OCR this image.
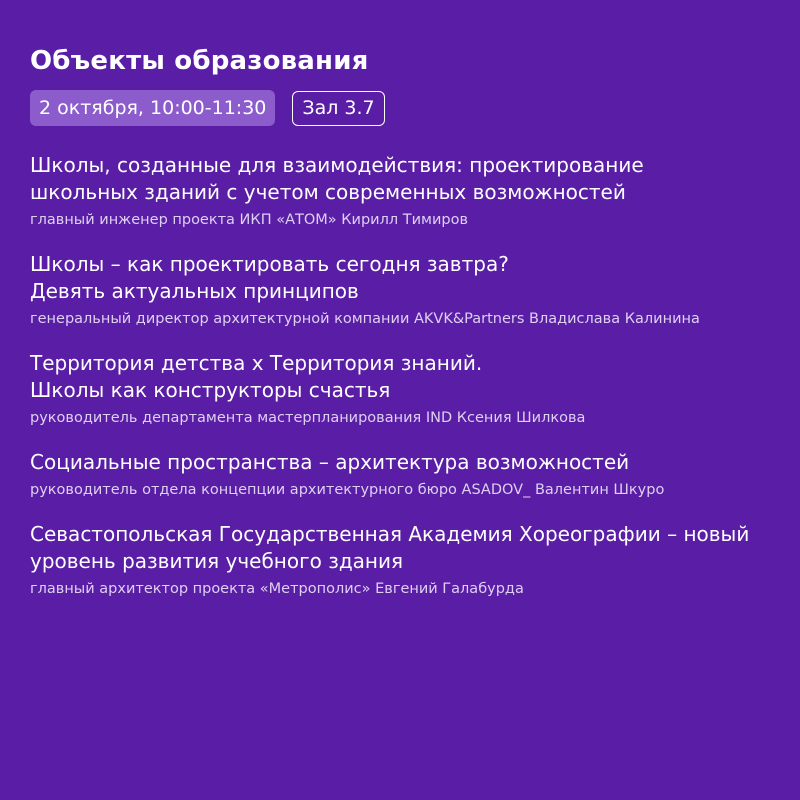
Объекты образования
2 октября, 10:00-11:30	Зал 3.7

Школы, созданные для взаимодействия: проектирование
школьных зданий с учетом современных возможностей

главный инженер проекта ИКП «АТОМ» Кирилл Тимиров

Школы – как проектировать сегодня завтра?
Девять актуальных принципов

генеральный директор архитектурной компании AKVK&Partners Владислава Калинина

Территория детства х Территория знаний.
Школы как конструкторы счастья

руководитель департамента мастерпланирования IND Ксения Шилкова

Социальные пространства – архитектура возможностей

руководитель отдела концепции архитектурного бюро ASADOV_ Валентин Шкуро

Севастопольская Государственная Академия Хореографии – новый
уровень развития учебного здания

главный архитектор проекта «Метрополис» Евгений Галабурда
